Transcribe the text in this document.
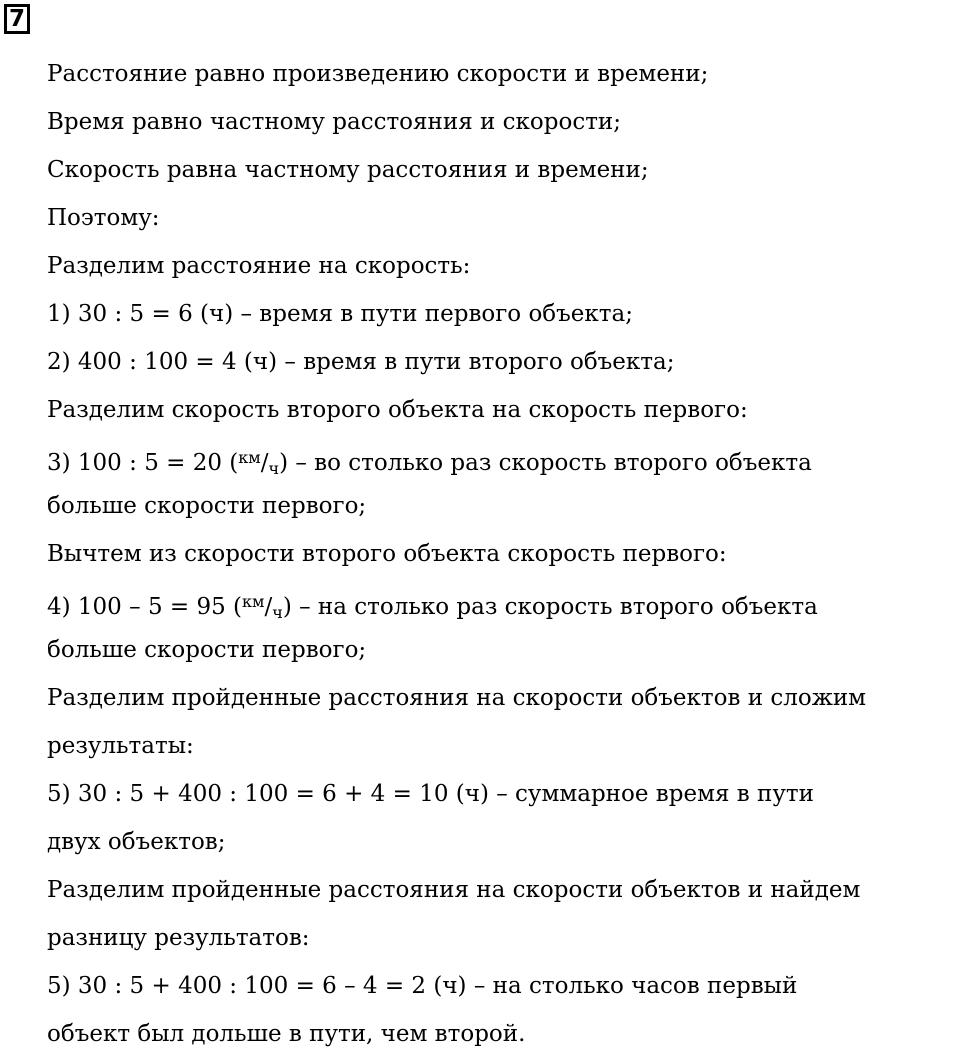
7
Расстояние равно произведению скорости и времени;
Время равно частному расстояния и скорости;
Скорость равна частному расстояния и времени;
Поэтому:
Разделим расстояние на скорость:
1) 30 : 5 = 6 (ч) – время в пути первого объекта;
2) 400 : 100 = 4 (ч) – время в пути второго объекта;
Разделим скорость второго объекта на скорость первого:
3) 100 : 5 = 20 $(^{км}/_ч)$ – во столько раз скорость второго объекта
больше скорости первого;
Вычтем из скорости второго объекта скорость первого:
4) 100 – 5 = 95 $(^{км}/_ч)$ – на столько раз скорость второго объекта
больше скорости первого;
Разделим пройденные расстояния на скорости объектов и сложим
результаты:
5) 30 : 5 + 400 : 100 = 6 + 4 = 10 (ч) – суммарное время в пути
двух объектов;
Разделим пройденные расстояния на скорости объектов и найдем
разницу результатов:
5) 30 : 5 + 400 : 100 = 6 – 4 = 2 (ч) – на столько часов первый
объект был дольше в пути, чем второй.
